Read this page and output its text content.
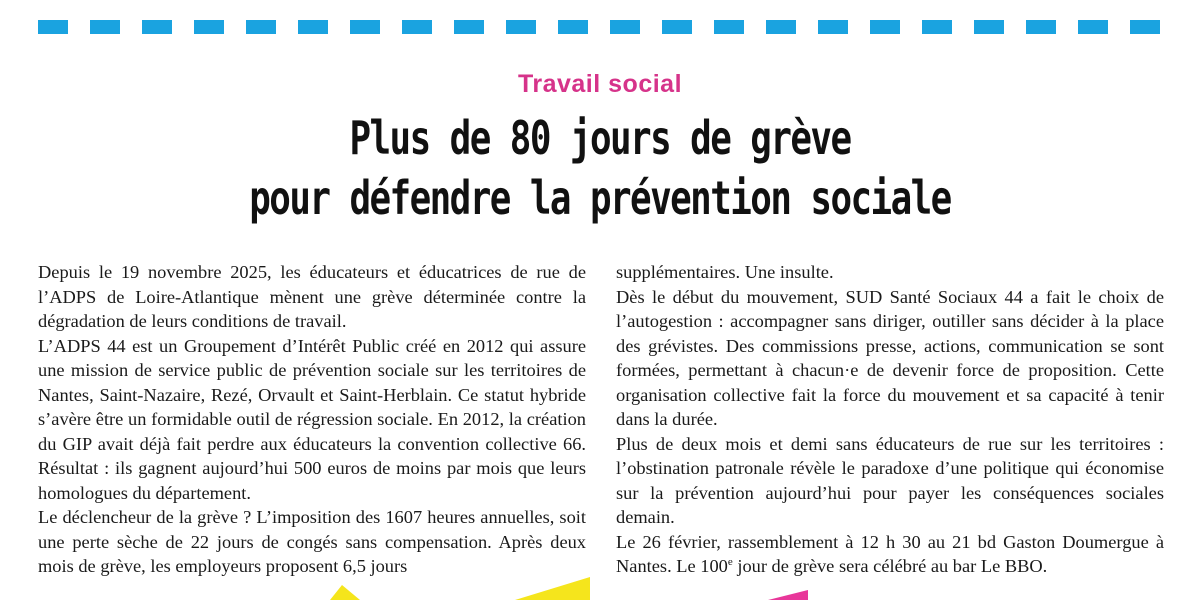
Travail social
Plus de 80 jours de grève
pour défendre la prévention sociale

Depuis le 19 novembre 2025, les éducateurs et éducatrices de rue de l’ADPS de Loire-Atlantique mènent une grève déterminée contre la dégradation de leurs conditions de travail.

L’ADPS 44 est un Groupement d’Intérêt Public créé en 2012 qui assure une mission de service public de prévention sociale sur les territoires de Nantes, Saint-Nazaire, Rezé, Orvault et Saint-Herblain. Ce statut hybride s’avère être un formidable outil de régression sociale. En 2012, la création du GIP avait déjà fait perdre aux éducateurs la convention collective 66. Résultat : ils gagnent aujourd’hui 500 euros de moins par mois que leurs homologues du département.

Le déclencheur de la grève ? L’imposition des 1607 heures annuelles, soit une perte sèche de 22 jours de congés sans compensation. Après deux mois de grève, les employeurs proposent 6,5 jours

supplémentaires. Une insulte.

Dès le début du mouvement, SUD Santé Sociaux 44 a fait le choix de l’autogestion : accompagner sans diriger, outiller sans décider à la place des grévistes. Des commissions presse, actions, communication se sont formées, permettant à chacun·e de devenir force de proposition. Cette organisation collective fait la force du mouvement et sa capacité à tenir dans la durée.

Plus de deux mois et demi sans éducateurs de rue sur les territoires : l’obstination patronale révèle le paradoxe d’une politique qui économise sur la prévention aujourd’hui pour payer les conséquences sociales demain.

Le 26 février, rassemblement à 12 h 30 au 21 bd Gaston Doumergue à Nantes. Le 100e jour de grève sera célébré au bar Le BBO.
